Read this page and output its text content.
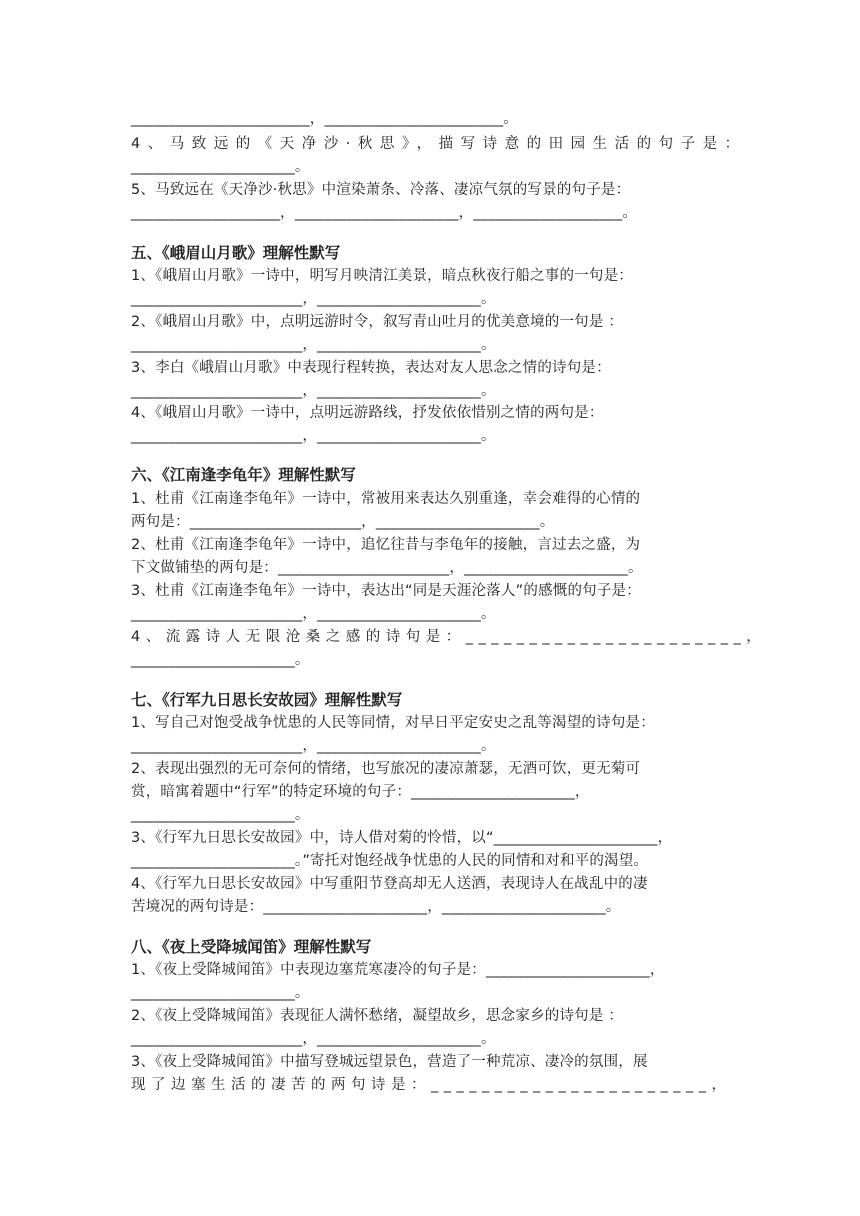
________________________，________________________。
4、马致远的《天净沙·秋思》，描写诗意的田园生活的句子是：
______________________。
5、马致远在《天净沙·秋思》中渲染萧条、冷落、凄凉气氛的写景的句子是：
____________________，______________________，____________________。
五、《峨眉山月歌》理解性默写
1、《峨眉山月歌》一诗中，明写月映清江美景，暗点秋夜行船之事的一句是：
_______________________，______________________。
2、《峨眉山月歌》中，点明远游时令，叙写青山吐月的优美意境的一句是 ：
_______________________，______________________。
3、李白《峨眉山月歌》中表现行程转换，表达对友人思念之情的诗句是：
_______________________，______________________。
4、《峨眉山月歌》一诗中，点明远游路线，抒发依依惜别之情的两句是：
_______________________，______________________。
六、《江南逢李龟年》理解性默写
1、杜甫《江南逢李龟年》一诗中，常被用来表达久别重逢，幸会难得的心情的
两句是：_______________________，______________________。
2、杜甫《江南逢李龟年》一诗中，追忆往昔与李龟年的接触，言过去之盛，为
下文做铺垫的两句是：_______________________，______________________。
3、杜甫《江南逢李龟年》一诗中，表达出“同是天涯沦落人”的感慨的句子是：
_______________________，______________________。
4、流露诗人无限沧桑之感的诗句是：______________________，
______________________。
七、《行军九日思长安故园》理解性默写
1、写自己对饱受战争忧患的人民等同情，对早日平定安史之乱等渴望的诗句是：
_______________________，______________________。
2、表现出强烈的无可奈何的情绪，也写旅况的凄凉萧瑟，无酒可饮，更无菊可
赏，暗寓着题中“行军”的特定环境的句子：______________________，
______________________。
3、《行军九日思长安故园》中，诗人借对菊的怜惜，以“______________________，
______________________。”寄托对饱经战争忧患的人民的同情和对和平的渴望。
4、《行军九日思长安故园》中写重阳节登高却无人送酒，表现诗人在战乱中的凄
苦境况的两句诗是：______________________，______________________。
八、《夜上受降城闻笛》理解性默写
1、《夜上受降城闻笛》中表现边塞荒寒凄冷的句子是：______________________，
______________________。
2、《夜上受降城闻笛》表现征人满怀愁绪，凝望故乡，思念家乡的诗句是 ：
_______________________，______________________。
3、《夜上受降城闻笛》中描写登城远望景色，营造了一种荒凉、凄冷的氛围，展
现了边塞生活的凄苦的两句诗是：______________________，
